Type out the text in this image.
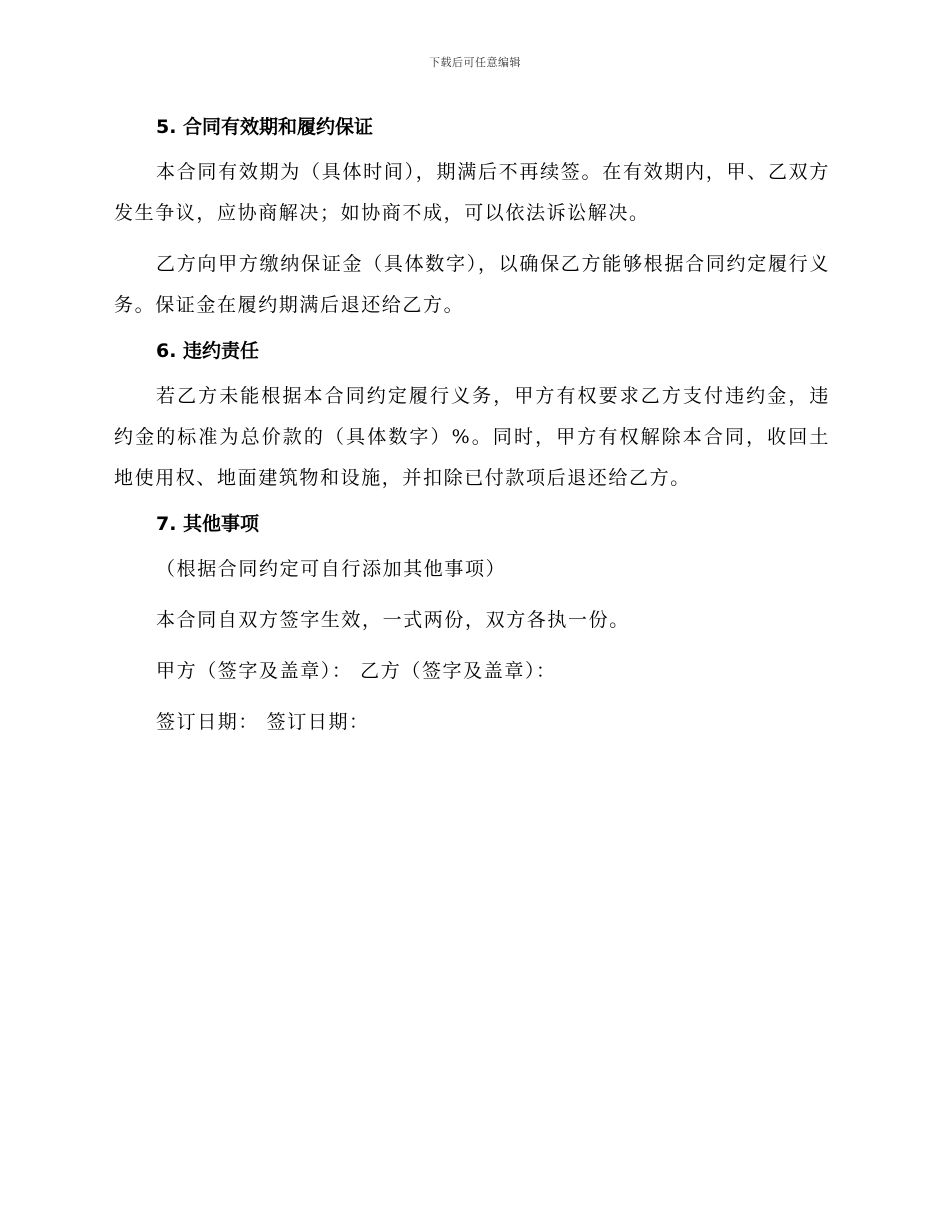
下载后可任意编辑
5. 合同有效期和履约保证

本合同有效期为（具体时间），期满后不再续签。在有效期内，甲、乙双方发生争议，应协商解决；如协商不成，可以依法诉讼解决。

乙方向甲方缴纳保证金（具体数字），以确保乙方能够根据合同约定履行义务。保证金在履约期满后退还给乙方。

6. 违约责任

若乙方未能根据本合同约定履行义务，甲方有权要求乙方支付违约金，违约金的标准为总价款的（具体数字）%。同时，甲方有权解除本合同，收回土地使用权、地面建筑物和设施，并扣除已付款项后退还给乙方。

7. 其他事项

（根据合同约定可自行添加其他事项）

本合同自双方签字生效，一式两份，双方各执一份。

甲方（签字及盖章）： 乙方（签字及盖章）：

签订日期： 签订日期：
